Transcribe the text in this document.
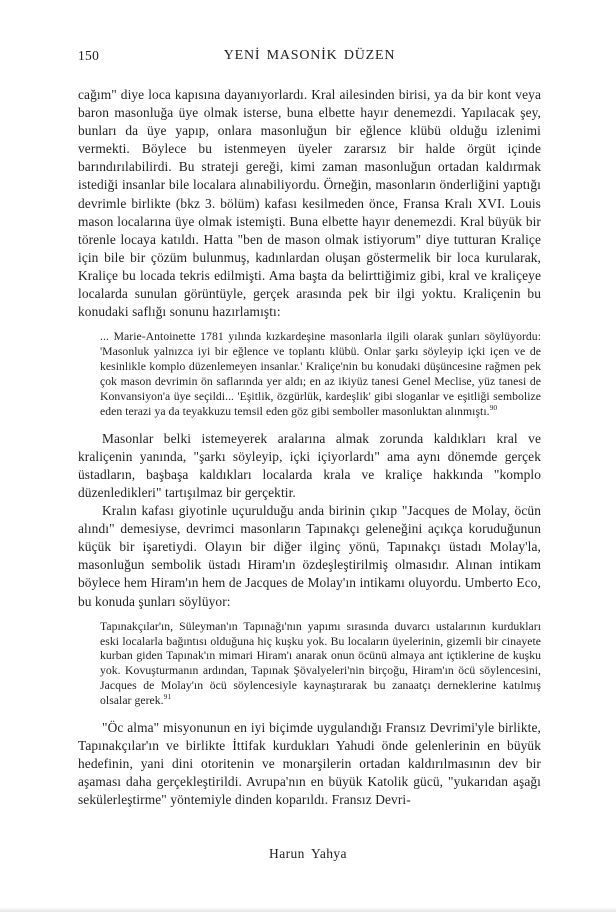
150	YENİ MASONİK DÜZEN

cağım" diye loca kapısına dayanıyorlardı. Kral ailesinden birisi, ya da bir kont veya baron masonluğa üye olmak isterse, buna elbette hayır denemezdi. Yapılacak şey, bunları da üye yapıp, onlara masonluğun bir eğlence klübü olduğu izlenimi vermekti. Böylece bu istenmeyen üyeler zararsız bir halde örgüt içinde barındırılabilirdi. Bu strateji gereği, kimi zaman masonluğun ortadan kaldırmak istediği insanlar bile localara alınabiliyordu. Örneğin, masonların önderliğini yaptığı devrimle birlikte (bkz 3. bölüm) kafası kesilmeden önce, Fransa Kralı XVI. Louis mason localarına üye olmak istemişti. Buna elbette hayır denemezdi. Kral büyük bir törenle locaya katıldı. Hatta "ben de mason olmak istiyorum" diye tutturan Kraliçe için bile bir çözüm bulunmuş, kadınlardan oluşan göstermelik bir loca kurularak, Kraliçe bu locada tekris edilmişti. Ama başta da belirttiğimiz gibi, kral ve kraliçeye localarda sunulan görüntüyle, gerçek arasında pek bir ilgi yoktu. Kraliçenin bu konudaki saflığı sonunu hazırlamıştı:

... Marie-Antoinette 1781 yılında kızkardeşine masonlarla ilgili olarak şunları söylüyordu: 'Masonluk yalnızca iyi bir eğlence ve toplantı klübü. Onlar şarkı söyleyip içki içen ve de kesinlikle komplo düzenlemeyen insanlar.' Kraliçe'nin bu konudaki düşüncesine rağmen pek çok mason devrimin ön saflarında yer aldı; en az ikiyüz tanesi Genel Meclise, yüz tanesi de Konvansiyon'a üye seçildi... 'Eşitlik, özgürlük, kardeşlik' gibi sloganlar ve eşitliği sembolize eden terazi ya da teyakkuzu temsil eden göz gibi semboller masonluktan alınmıştı.$^{90}$

Masonlar belki istemeyerek aralarına almak zorunda kaldıkları kral ve kraliçenin yanında, "şarkı söyleyip, içki içiyorlardı" ama aynı dönemde gerçek üstadların, başbaşa kaldıkları localarda krala ve kraliçe hakkında "komplo düzenledikleri" tartışılmaz bir gerçektir.

Kralın kafası giyotinle uçurulduğu anda birinin çıkıp "Jacques de Molay, öcün alındı" demesiyse, devrimci masonların Tapınakçı geleneğini açıkça koruduğunun küçük bir işaretiydi. Olayın bir diğer ilginç yönü, Tapınakçı üstadı Molay'la, masonluğun sembolik üstadı Hiram'ın özdeşleştirilmiş olmasıdır. Alınan intikam böylece hem Hiram'ın hem de Jacques de Molay'ın intikamı oluyordu. Umberto Eco, bu konuda şunları söylüyor:

Tapınakçılar'ın, Süleyman'ın Tapınağı'nın yapımı sırasında duvarcı ustalarının kurdukları eski localarla bağıntısı olduğuna hiç kuşku yok. Bu locaların üyelerinin, gizemli bir cinayete kurban giden Tapınak'ın mimari Hiram'ı anarak onun öcünü almaya ant içtiklerine de kuşku yok. Kovuşturmanın ardından, Tapınak Şövalyeleri'nin birçoğu, Hiram'ın öcü söylencesini, Jacques de Molay'ın öcü söylencesiyle kaynaştırarak bu zanaatçı derneklerine katılmış olsalar gerek.$^{91}$

"Öc alma" misyonunun en iyi biçimde uygulandığı Fransız Devrimi'yle birlikte, Tapınakçılar'ın ve birlikte İttifak kurdukları Yahudi önde gelenlerinin en büyük hedefinin, yani dini otoritenin ve monarşilerin ortadan kaldırılmasının dev bir aşaması daha gerçekleştirildi. Avrupa'nın en büyük Katolik gücü, "yukarıdan aşağı sekülerleştirme" yöntemiyle dinden koparıldı. Fransız Devri-

Harun Yahya
